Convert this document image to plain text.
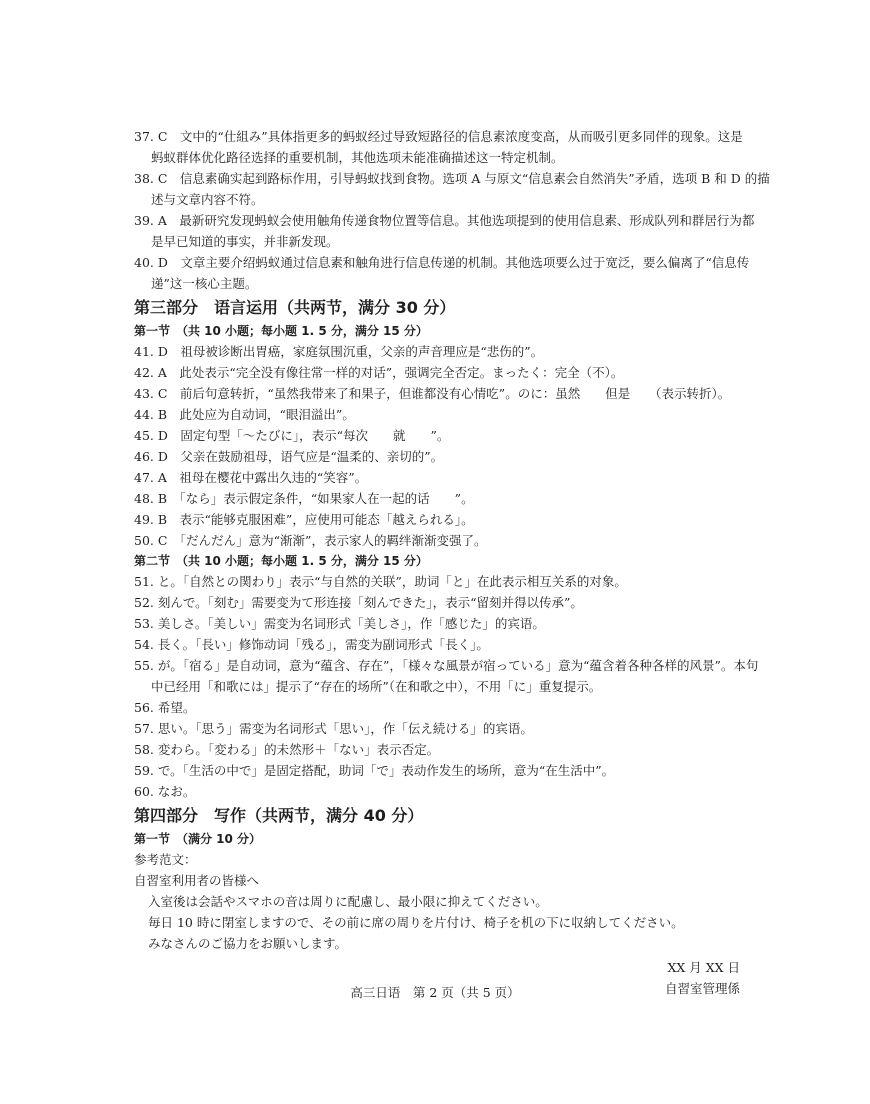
37. C　文中的“仕組み”具体指更多的蚂蚁经过导致短路径的信息素浓度变高，从而吸引更多同伴的现象。这是
蚂蚁群体优化路径选择的重要机制，其他选项未能准确描述这一特定机制。
38. C　信息素确实起到路标作用，引导蚂蚁找到食物。选项 A 与原文“信息素会自然消失”矛盾，选项 B 和 D 的描
述与文章内容不符。
39. A　最新研究发现蚂蚁会使用触角传递食物位置等信息。其他选项提到的使用信息素、形成队列和群居行为都
是早已知道的事实，并非新发现。
40. D　文章主要介绍蚂蚁通过信息素和触角进行信息传递的机制。其他选项要么过于宽泛，要么偏离了“信息传
递”这一核心主题。
第三部分　语言运用（共两节，满分 30 分）
第一节　（共 10 小题；每小题 1. 5 分，满分 15 分）
41. D　祖母被诊断出胃癌，家庭氛围沉重，父亲的声音理应是“悲伤的”。
42. A　此处表示“完全没有像往常一样的对话”，强调完全否定。まったく：完全（不）。
43. C　前后句意转折，“虽然我带来了和果子，但谁都没有心情吃”。のに：虽然　　但是　　（表示转折）。
44. B　此处应为自动词，“眼泪溢出”。
45. D　固定句型「～たびに」，表示“每次　　就　　”。
46. D　父亲在鼓励祖母，语气应是“温柔的、亲切的”。
47. A　祖母在樱花中露出久违的“笑容”。
48. B　「なら」表示假定条件，“如果家人在一起的话　　”。
49. B　表示“能够克服困难”，应使用可能态「越えられる」。
50. C　「だんだん」意为“渐渐”，表示家人的羁绊渐渐变强了。
第二节　（共 10 小题；每小题 1. 5 分，满分 15 分）
51. と。「自然との関わり」表示“与自然的关联”，助词「と」在此表示相互关系的对象。
52. 刻んで。「刻む」需要变为て形连接「刻んできた」，表示“留刻并得以传承”。
53. 美しさ。「美しい」需变为名词形式「美しさ」，作「感じた」的宾语。
54. 長く。「長い」修饰动词「残る」，需变为副词形式「長く」。
55. が。「宿る」是自动词，意为“蕴含、存在”，「様々な風景が宿っている」意为“蕴含着各种各样的风景”。本句
中已经用「和歌には」提示了“存在的场所”（在和歌之中），不用「に」重复提示。
56. 希望。
57. 思い。「思う」需变为名词形式「思い」，作「伝え続ける」的宾语。
58. 変わら。「変わる」的未然形＋「ない」表示否定。
59. で。「生活の中で」是固定搭配，助词「で」表动作发生的场所，意为“在生活中”。
60. なお。
第四部分　写作（共两节，满分 40 分）
第一节　（满分 10 分）
参考范文：
自習室利用者の皆様へ
入室後は会話やスマホの音は周りに配慮し、最小限に抑えてください。
毎日 10 時に閉室しますので、その前に席の周りを片付け、椅子を机の下に収納してください。
みなさんのご協力をお願いします。
XX 月 XX 日
自習室管理係
高三日语　第 2 页（共 5 页）
